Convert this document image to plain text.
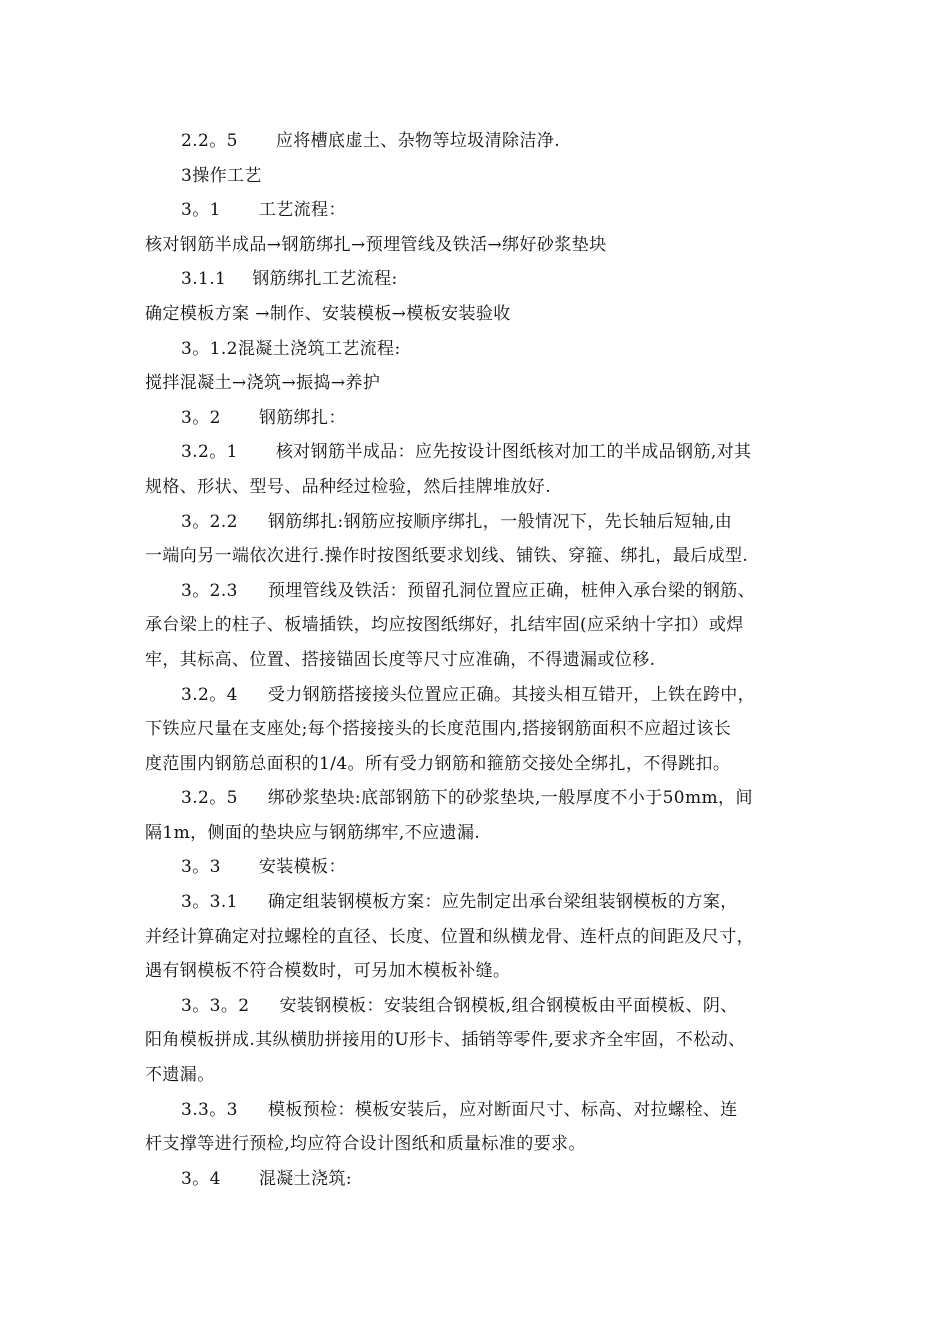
2.2。5 应将槽底虚土、杂物等垃圾清除洁净.
3操作工艺
3。1 工艺流程：
核对钢筋半成品→钢筋绑扎→预埋管线及铁活→绑好砂浆垫块
3.1.1 钢筋绑扎工艺流程:
确定模板方案 →制作、安装模板→模板安装验收
3。1.2混凝土浇筑工艺流程:
搅拌混凝土→浇筑→振捣→养护
3。2 钢筋绑扎：
3.2。1 核对钢筋半成品：应先按设计图纸核对加工的半成品钢筋,对其
规格、形状、型号、品种经过检验，然后挂牌堆放好.
3。2.2 钢筋绑扎:钢筋应按顺序绑扎，一般情况下，先长轴后短轴,由
一端向另一端依次进行.操作时按图纸要求划线、铺铁、穿箍、绑扎，最后成型.
3。2.3 预埋管线及铁活：预留孔洞位置应正确，桩伸入承台梁的钢筋、
承台梁上的柱子、板墙插铁，均应按图纸绑好，扎结牢固(应采纳十字扣）或焊
牢，其标高、位置、搭接锚固长度等尺寸应准确，不得遗漏或位移.
3.2。4 受力钢筋搭接接头位置应正确。其接头相互错开，上铁在跨中，
下铁应尺量在支座处;每个搭接接头的长度范围内,搭接钢筋面积不应超过该长
度范围内钢筋总面积的1/4。所有受力钢筋和箍筋交接处全绑扎，不得跳扣。
3.2。5 绑砂浆垫块:底部钢筋下的砂浆垫块,一般厚度不小于50mm，间
隔1m，侧面的垫块应与钢筋绑牢,不应遗漏.
3。3 安装模板：
3。3.1 确定组装钢模板方案：应先制定出承台梁组装钢模板的方案，
并经计算确定对拉螺栓的直径、长度、位置和纵横龙骨、连杆点的间距及尺寸，
遇有钢模板不符合模数时，可另加木模板补缝。
3。3。2 安装钢模板：安装组合钢模板,组合钢模板由平面模板、阴、
阳角模板拼成.其纵横肋拼接用的U形卡、插销等零件,要求齐全牢固，不松动、
不遗漏。
3.3。3 模板预检：模板安装后，应对断面尺寸、标高、对拉螺栓、连
杆支撑等进行预检,均应符合设计图纸和质量标准的要求。
3。4 混凝土浇筑:
